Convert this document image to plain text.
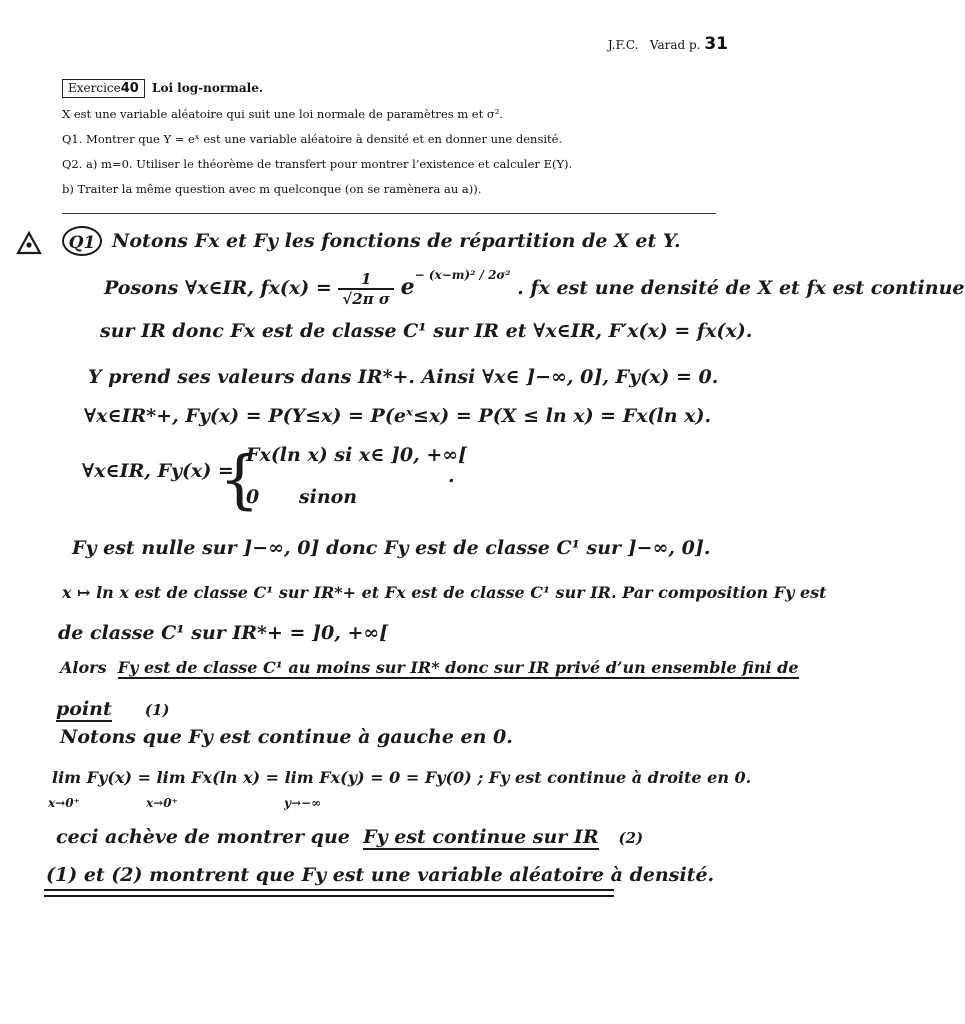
J.F.C. Varad p. 31
Exercice40	Loi log-normale.
X est une variable aléatoire qui suit une loi normale de paramètres m et σ².
Q1. Montrer que Y = eˣ est une variable aléatoire à densité et en donner une densité.
Q2. a) m=0. Utiliser le théorème de transfert pour montrer l’existence et calculer E(Y).
b) Traiter la même question avec m quelconque (on se ramènera au a)).
Q1 Notons Fx et Fy les fonctions de répartition de X et Y.
Posons ∀x∈IR, $fx(x) = \frac{1}{\text{√2π σ}} e^{- (x-m)^2 / 2\sigma^2}$ . fx est une densité de X et fx est continue
sur IR donc Fx est de classe C¹ sur IR et ∀x∈IR, F′x(x) = fx(x).
Y prend ses valeurs dans IR*+. Ainsi ∀x∈ ]−∞, 0], Fy(x) = 0.
∀x∈IR*+, Fy(x) = P(Y≤x) = P(eˣ≤x) = P(X ≤ ln x) = Fx(ln x).
∀x∈IR, Fy(x) =
{
Fx(ln x) si x∈ ]0, +∞[
0      sinon
.
Fy est nulle sur ]−∞, 0] donc Fy est de classe C¹ sur ]−∞, 0].
x ↦ ln x est de classe C¹ sur IR*+ et Fx est de classe C¹ sur IR. Par composition Fy est
de classe C¹ sur IR*+ = ]0, +∞[
Alors Fy est de classe C¹ au moins sur IR* donc sur IR privé d’un ensemble fini de
point (1)
Notons que Fy est continue à gauche en 0.
lim Fy(x) = lim Fx(ln x) = lim Fx(y) = 0 = Fy(0) ; Fy est continue à droite en 0.
x→0⁺	x→0⁺	y→−∞
ceci achève de montrer que Fy est continue sur IR (2)
(1) et (2) montrent que Fy est une variable aléatoire à densité.
